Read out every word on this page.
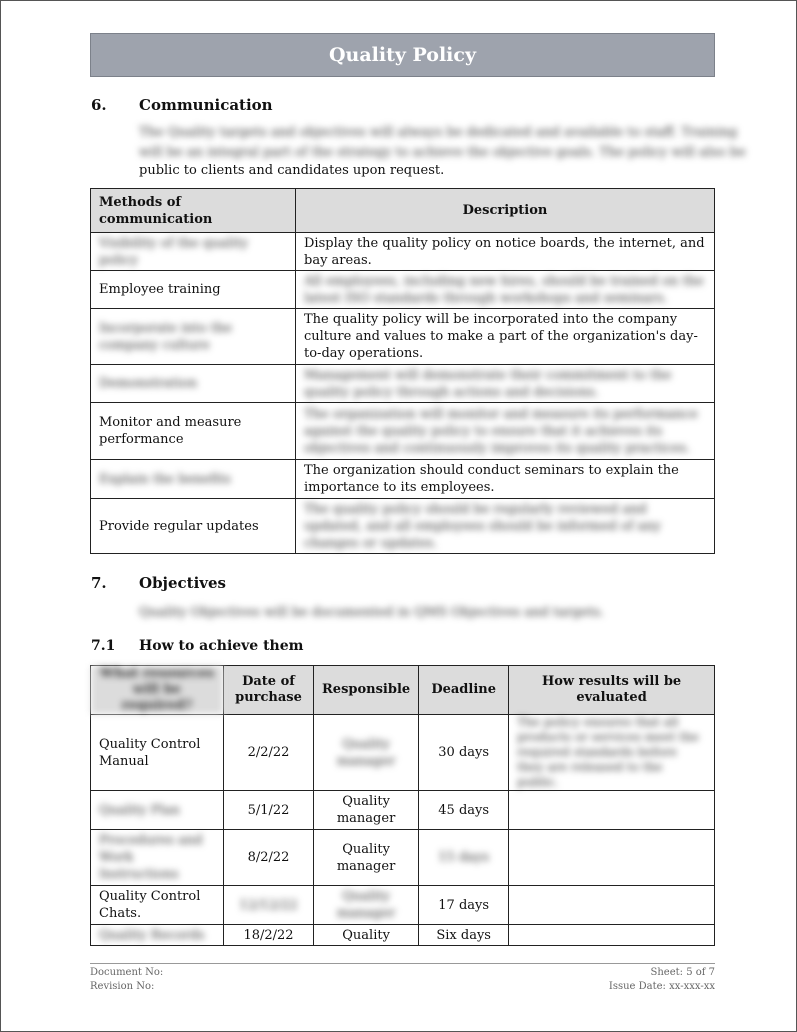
Quality Policy
6. Communication
The Quality targets and objectives will always be dedicated and available to staff. Training
will be an integral part of the strategy to achieve the objective goals. The policy will also be
public to clients and candidates upon request.
Methods of communication	Description
Visibility of the quality policy	Display the quality policy on notice boards, the internet, and bay areas.
Employee training	All employees, including new hires, should be trained on the latest ISO standards through workshops and seminars.
Incorporate into the company culture	The quality policy will be incorporated into the company culture and values to make a part of the organization's day-to-day operations.
Demonstration	Management will demonstrate their commitment to the quality policy through actions and decisions.
Monitor and measure performance	The organization will monitor and measure its performance against the quality policy to ensure that it achieves its objectives and continuously improves its quality practices.
Explain the benefits	The organization should conduct seminars to explain the importance to its employees.
Provide regular updates	The quality policy should be regularly reviewed and updated, and all employees should be informed of any changes or updates.
7. Objectives
Quality Objectives will be documented in QMS Objectives and targets.
7.1 How to achieve them
What resources will be required?	Date of purchase	Responsible	Deadline	How results will be evaluated
Quality Control Manual	2/2/22	Quality manager	30 days	The policy ensures that all products or services meet the required standards before they are released to the public.
Quality Plan	5/1/22	Quality manager	45 days	
Procedures and Work Instructions	8/2/22	Quality manager	15 days	
Quality Control Chats.	12/12/22	Quality manager	17 days	
Quality Records	18/2/22	Quality	Six days	
Document No:	Sheet: 5 of 7
Revision No:	Issue Date: xx-xxx-xx
